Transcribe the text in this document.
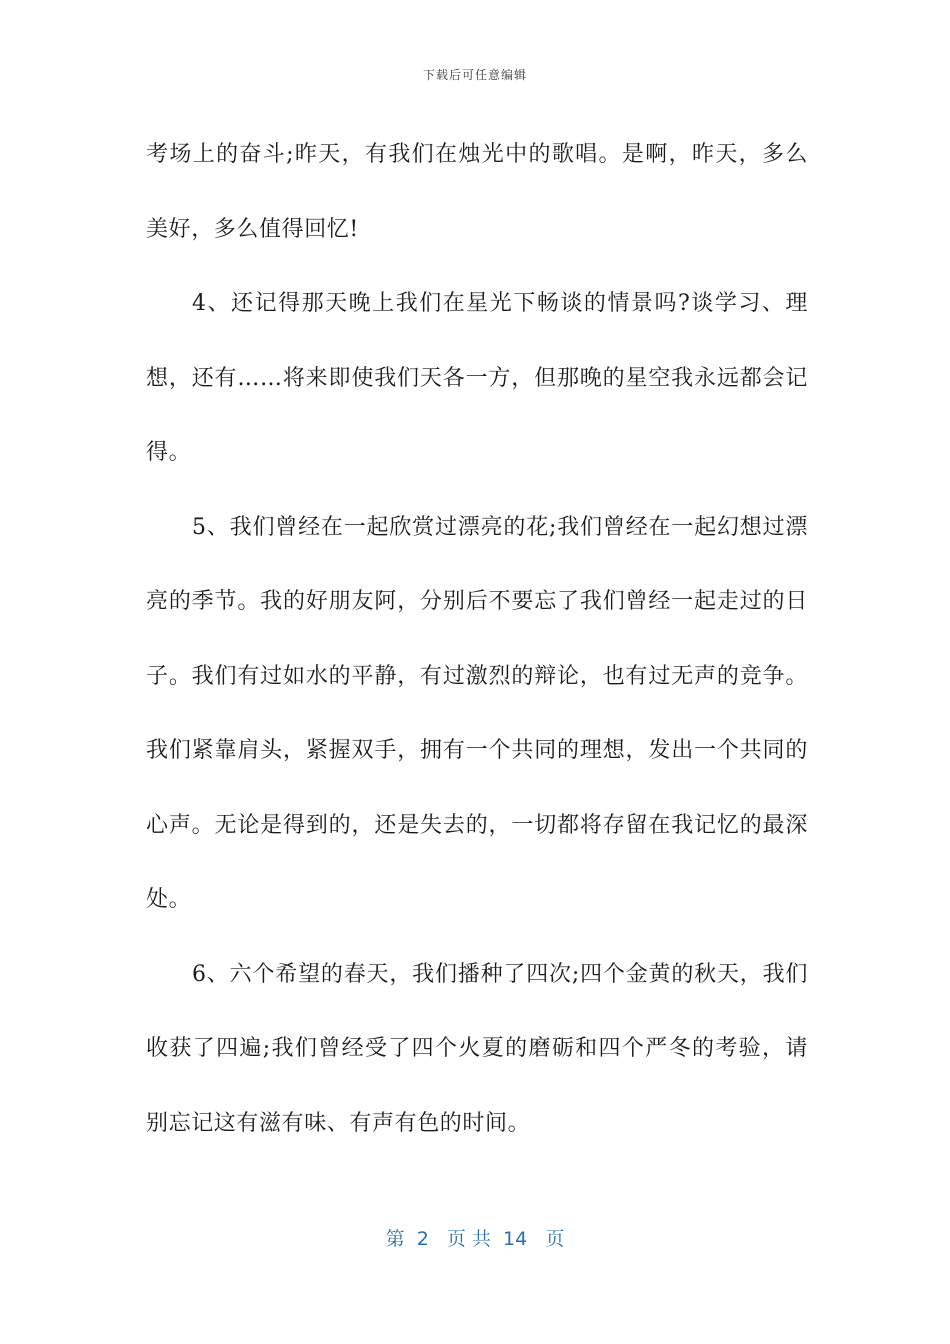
下载后可任意编辑

考场上的奋斗;昨天，有我们在烛光中的歌唱。是啊，昨天，多么美好，多么值得回忆!

4、还记得那天晚上我们在星光下畅谈的情景吗?谈学习、理想，还有……将来即使我们天各一方，但那晚的星空我永远都会记得。

5、我们曾经在一起欣赏过漂亮的花;我们曾经在一起幻想过漂亮的季节。我的好朋友阿，分别后不要忘了我们曾经一起走过的日子。我们有过如水的平静，有过激烈的辩论，也有过无声的竞争。我们紧靠肩头，紧握双手，拥有一个共同的理想，发出一个共同的心声。无论是得到的，还是失去的，一切都将存留在我记忆的最深处。

6、六个希望的春天，我们播种了四次;四个金黄的秋天，我们收获了四遍;我们曾经受了四个火夏的磨砺和四个严冬的考验，请别忘记这有滋有味、有声有色的时间。

第  2   页 共  14   页
